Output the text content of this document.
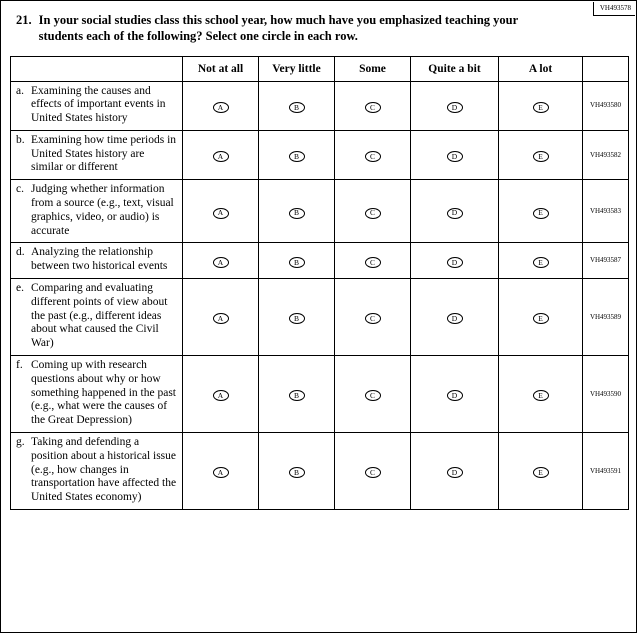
VH493578
21. In your social studies class this school year, how much have you emphasized teaching your students each of the following? Select one circle in each row.
	Not at all	Very little	Some	Quite a bit	A lot	

a. Examining the causes and effects of important events in United States history	A	B	C	D	E	VH493580

b. Examining how time periods in United States history are similar or different	A	B	C	D	E	VH493582

c. Judging whether information from a source (e.g., text, visual graphics, video, or audio) is accurate	A	B	C	D	E	VH493583

d. Analyzing the relationship between two historical events	A	B	C	D	E	VH493587

e. Comparing and evaluating different points of view about the past (e.g., different ideas about what caused the Civil War)	A	B	C	D	E	VH493589

f. Coming up with research questions about why or how something happened in the past (e.g., what were the causes of the Great Depression)	A	B	C	D	E	VH493590

g. Taking and defending a position about a historical issue (e.g., how changes in transportation have affected the United States economy)	A	B	C	D	E	VH493591
